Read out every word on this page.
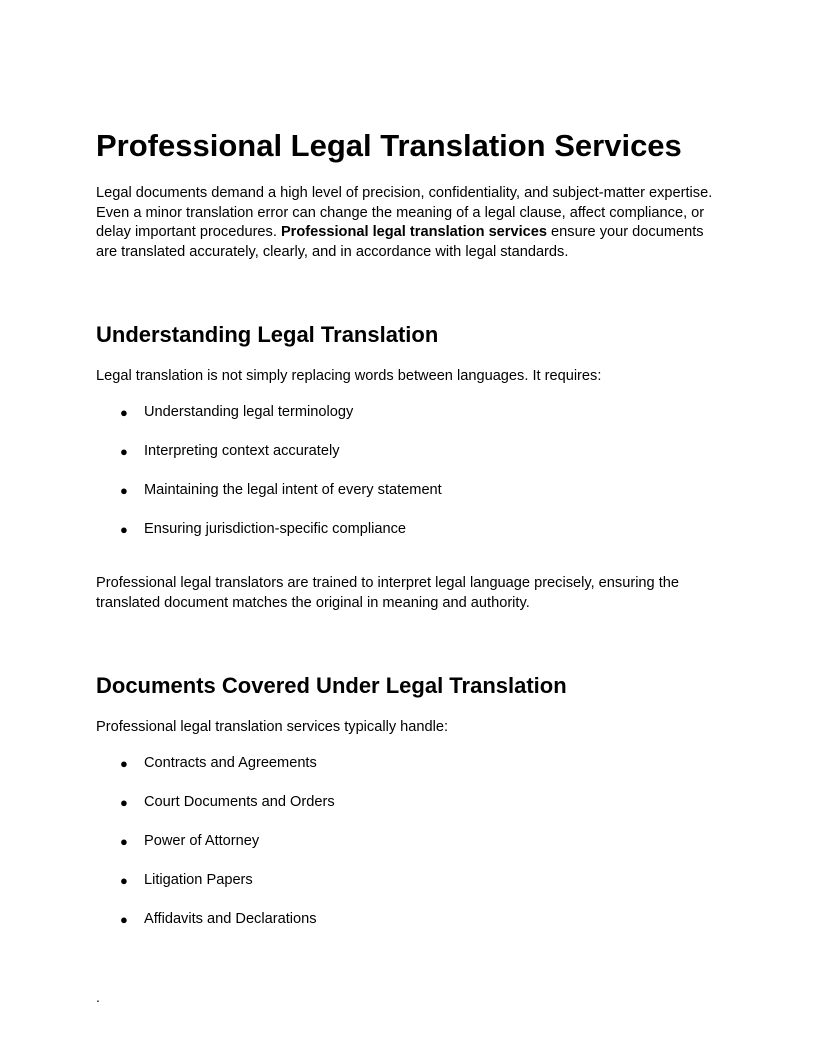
Professional Legal Translation Services

Legal documents demand a high level of precision, confidentiality, and subject-matter expertise. Even a minor translation error can change the meaning of a legal clause, affect compliance, or delay important procedures. Professional legal translation services ensure your documents are translated accurately, clearly, and in accordance with legal standards.

Understanding Legal Translation

Legal translation is not simply replacing words between languages. It requires:

● Understanding legal terminology
● Interpreting context accurately
● Maintaining the legal intent of every statement
● Ensuring jurisdiction-specific compliance

Professional legal translators are trained to interpret legal language precisely, ensuring the translated document matches the original in meaning and authority.

Documents Covered Under Legal Translation

Professional legal translation services typically handle:

● Contracts and Agreements
● Court Documents and Orders
● Power of Attorney
● Litigation Papers
● Affidavits and Declarations
.
